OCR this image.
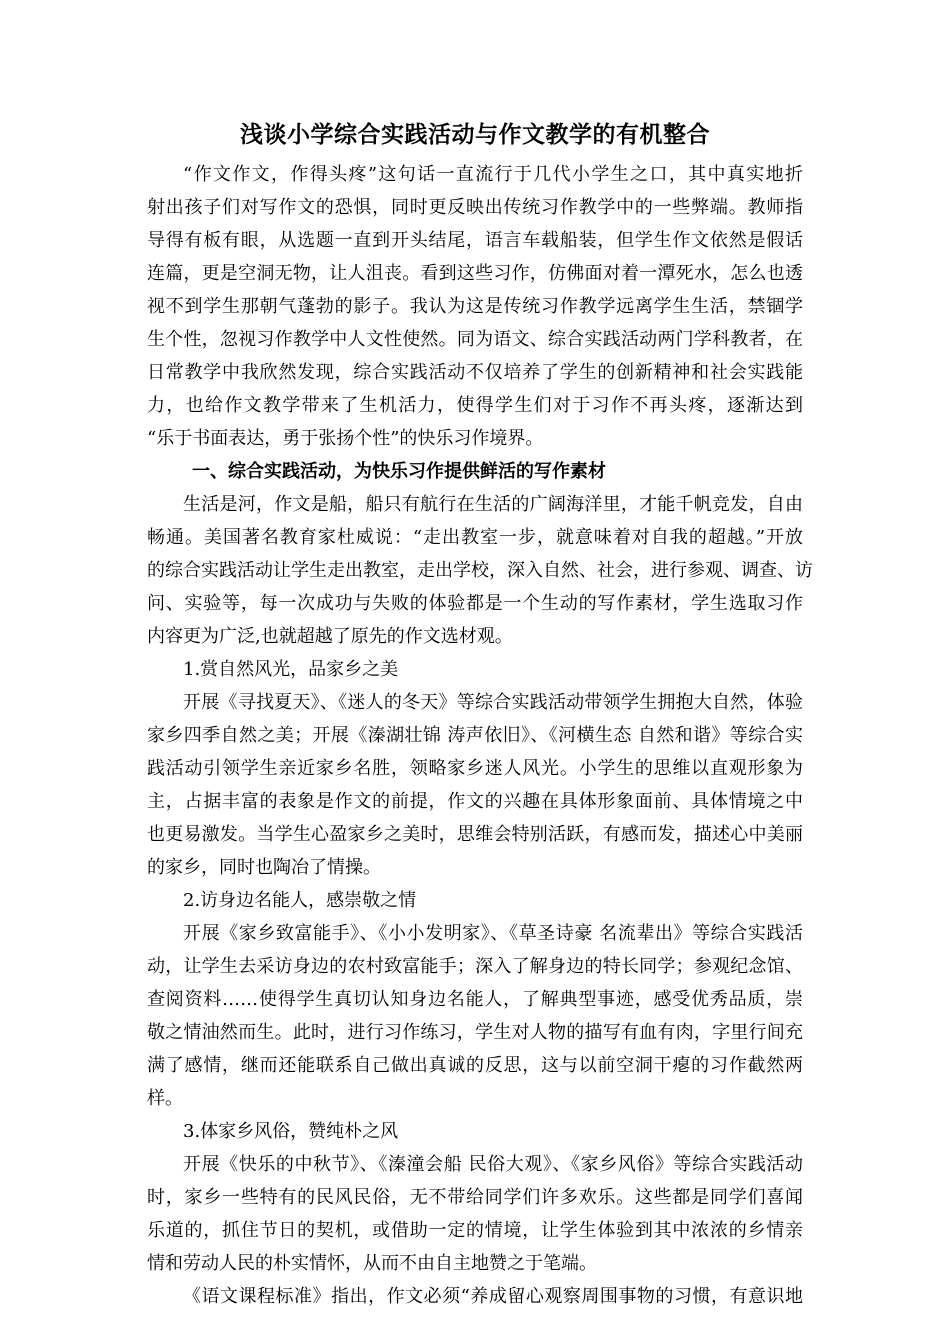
浅谈小学综合实践活动与作文教学的有机整合
“作文作文，作得头疼”这句话一直流行于几代小学生之口，其中真实地折
射出孩子们对写作文的恐惧，同时更反映出传统习作教学中的一些弊端。教师指
导得有板有眼，从选题一直到开头结尾，语言车载船装，但学生作文依然是假话
连篇，更是空洞无物，让人沮丧。看到这些习作，仿佛面对着一潭死水，怎么也透
视不到学生那朝气蓬勃的影子。我认为这是传统习作教学远离学生生活，禁锢学
生个性，忽视习作教学中人文性使然。同为语文、综合实践活动两门学科教者，在
日常教学中我欣然发现，综合实践活动不仅培养了学生的创新精神和社会实践能
力，也给作文教学带来了生机活力，使得学生们对于习作不再头疼，逐渐达到
“乐于书面表达，勇于张扬个性”的快乐习作境界。
一、综合实践活动，为快乐习作提供鲜活的写作素材
生活是河，作文是船，船只有航行在生活的广阔海洋里，才能千帆竞发，自由
畅通。美国著名教育家杜威说：“走出教室一步，就意味着对自我的超越。”开放
的综合实践活动让学生走出教室，走出学校，深入自然、社会，进行参观、调查、访
问、实验等，每一次成功与失败的体验都是一个生动的写作素材，学生选取习作
内容更为广泛,也就超越了原先的作文选材观。
1.赏自然风光，品家乡之美
开展《寻找夏天》、《迷人的冬天》等综合实践活动带领学生拥抱大自然，体验
家乡四季自然之美；开展《溱湖壮锦 涛声依旧》、《河横生态 自然和谐》等综合实
践活动引领学生亲近家乡名胜，领略家乡迷人风光。小学生的思维以直观形象为
主，占据丰富的表象是作文的前提，作文的兴趣在具体形象面前、具体情境之中
也更易激发。当学生心盈家乡之美时，思维会特别活跃，有感而发，描述心中美丽
的家乡，同时也陶冶了情操。
2.访身边名能人，感崇敬之情
开展《家乡致富能手》、《小小发明家》、《草圣诗豪 名流辈出》等综合实践活
动，让学生去采访身边的农村致富能手；深入了解身边的特长同学；参观纪念馆、
查阅资料……使得学生真切认知身边名能人，了解典型事迹，感受优秀品质，崇
敬之情油然而生。此时，进行习作练习，学生对人物的描写有血有肉，字里行间充
满了感情，继而还能联系自己做出真诚的反思，这与以前空洞干瘪的习作截然两
样。
3.体家乡风俗，赞纯朴之风
开展《快乐的中秋节》、《溱潼会船 民俗大观》、《家乡风俗》等综合实践活动
时，家乡一些特有的民风民俗，无不带给同学们许多欢乐。这些都是同学们喜闻
乐道的，抓住节日的契机，或借助一定的情境，让学生体验到其中浓浓的乡情亲
情和劳动人民的朴实情怀，从而不由自主地赞之于笔端。
《语文课程标准》指出，作文必须“养成留心观察周围事物的习惯，有意识地
